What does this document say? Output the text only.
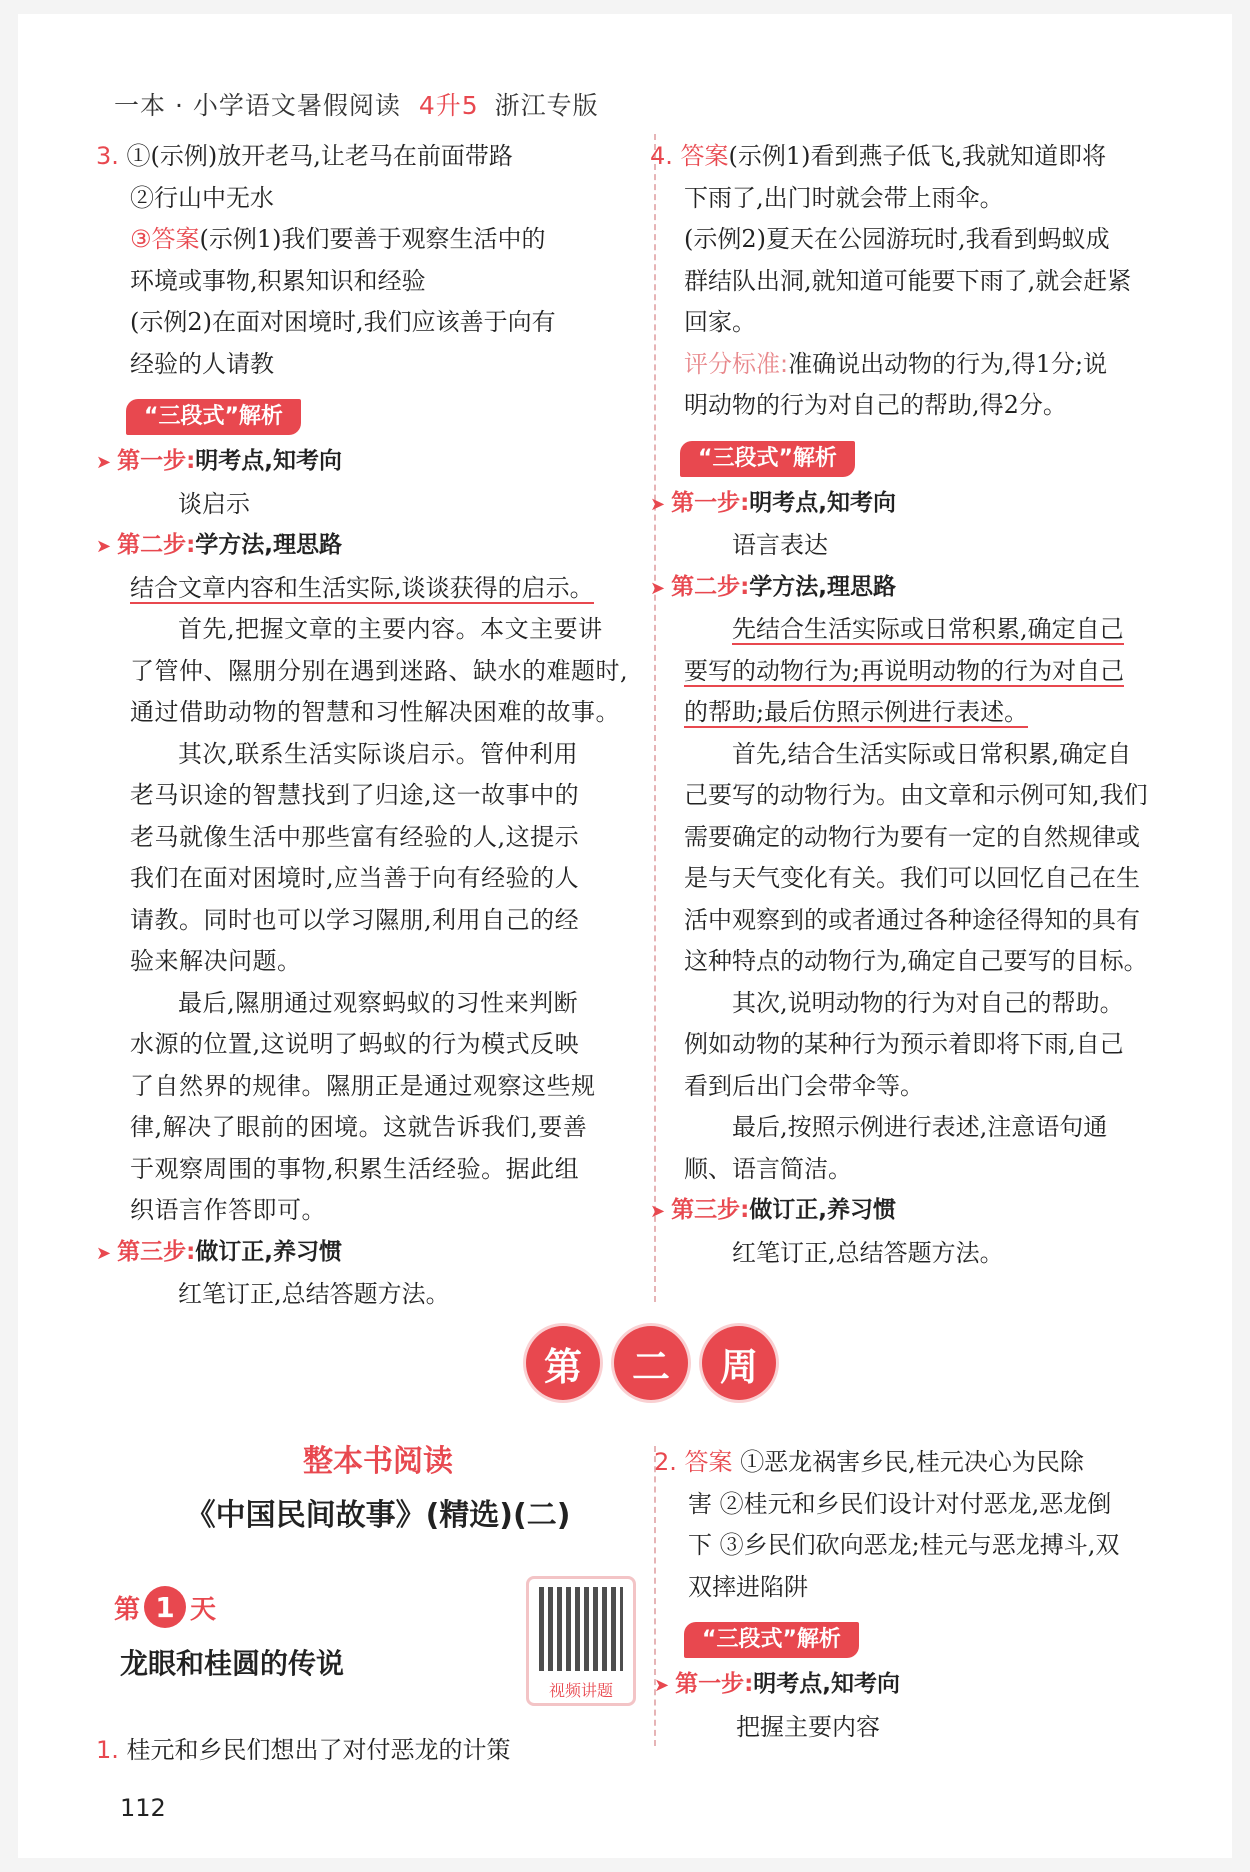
一本 · 小学语文暑假阅读 4升5 浙江专版
3. ①(示例)放开老马,让老马在前面带路
②行山中无水
③答案(示例1)我们要善于观察生活中的
环境或事物,积累知识和经验
(示例2)在面对困境时,我们应该善于向有
经验的人请教
“三段式”解析
➤ 第一步:明考点,知考向
谈启示
➤ 第二步:学方法,理思路
结合文章内容和生活实际,谈谈获得的启示。
首先,把握文章的主要内容。本文主要讲
了管仲、隰朋分别在遇到迷路、缺水的难题时,
通过借助动物的智慧和习性解决困难的故事。
其次,联系生活实际谈启示。管仲利用
老马识途的智慧找到了归途,这一故事中的
老马就像生活中那些富有经验的人,这提示
我们在面对困境时,应当善于向有经验的人
请教。同时也可以学习隰朋,利用自己的经
验来解决问题。
最后,隰朋通过观察蚂蚁的习性来判断
水源的位置,这说明了蚂蚁的行为模式反映
了自然界的规律。隰朋正是通过观察这些规
律,解决了眼前的困境。这就告诉我们,要善
于观察周围的事物,积累生活经验。据此组
织语言作答即可。
➤ 第三步:做订正,养习惯
红笔订正,总结答题方法。
4. 答案(示例1)看到燕子低飞,我就知道即将
下雨了,出门时就会带上雨伞。
(示例2)夏天在公园游玩时,我看到蚂蚁成
群结队出洞,就知道可能要下雨了,就会赶紧
回家。
评分标准:准确说出动物的行为,得1分;说
明动物的行为对自己的帮助,得2分。
“三段式”解析
➤ 第一步:明考点,知考向
语言表达
➤ 第二步:学方法,理思路
先结合生活实际或日常积累,确定自己
要写的动物行为;再说明动物的行为对自己
的帮助;最后仿照示例进行表述。
首先,结合生活实际或日常积累,确定自
己要写的动物行为。由文章和示例可知,我们
需要确定的动物行为要有一定的自然规律或
是与天气变化有关。我们可以回忆自己在生
活中观察到的或者通过各种途径得知的具有
这种特点的动物行为,确定自己要写的目标。
其次,说明动物的行为对自己的帮助。
例如动物的某种行为预示着即将下雨,自己
看到后出门会带伞等。
最后,按照示例进行表述,注意语句通
顺、语言简洁。
➤ 第三步:做订正,养习惯
红笔订正,总结答题方法。
第	二	周
整本书阅读
《中国民间故事》(精选)(二)
第 1 天
龙眼和桂圆的传说
视频讲题
1. 桂元和乡民们想出了对付恶龙的计策
2. 答案 ①恶龙祸害乡民,桂元决心为民除
害 ②桂元和乡民们设计对付恶龙,恶龙倒
下 ③乡民们砍向恶龙;桂元与恶龙搏斗,双
双摔进陷阱
“三段式”解析
➤ 第一步:明考点,知考向
把握主要内容
112
